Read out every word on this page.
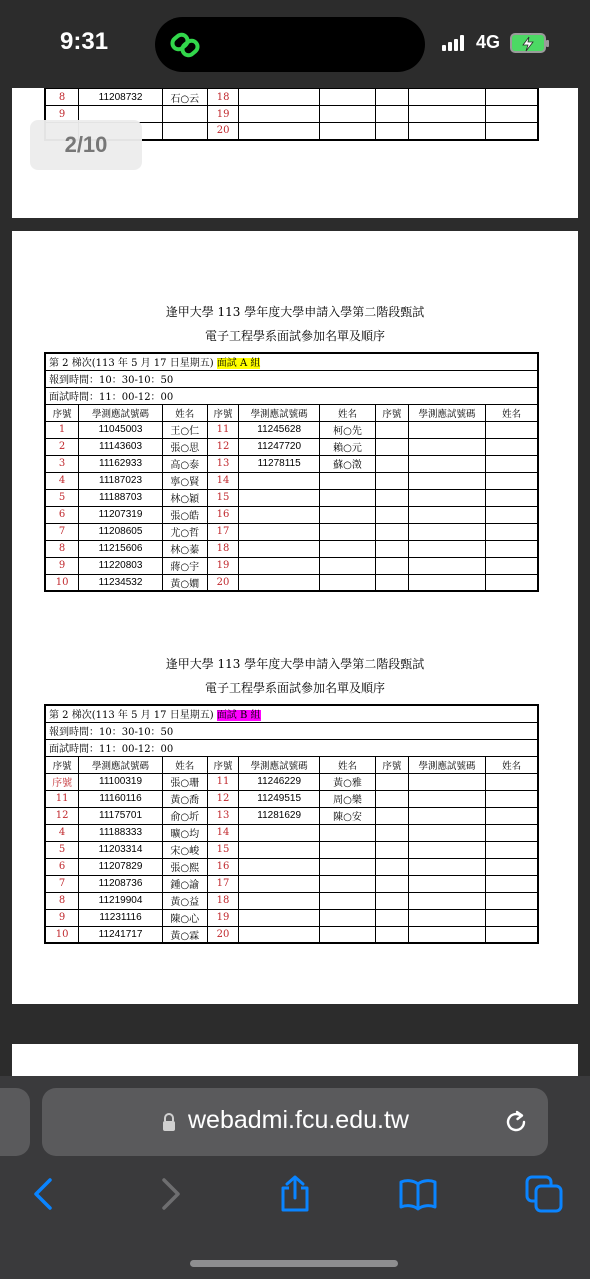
9:31	4G
8	11208732	石○云	18					
9			19					
			20					
2/10
逢甲大學 113 學年度大學申請入學第二階段甄試
電子工程學系面試參加名單及順序
第 2 梯次(113 年 5 月 17 日星期五) 面試 A 組								
報到時間：10：30-10：50								
面試時間：11：00-12：00								
序號	學測應試號碼	姓名	序號	學測應試號碼	姓名	序號	學測應試號碼	姓名
1	11045003	王○仁	11	11245628	柯○先			
2	11143603	張○思	12	11247720	賴○元			
3	11162933	高○泰	13	11278115	蘇○澂			
4	11187023	寧○賢	14					
5	11188703	林○穎	15					
6	11207319	張○皓	16					
7	11208605	尤○哲	17					
8	11215606	林○蓁	18					
9	11220803	蔣○宇	19					
10	11234532	黃○嫺	20					
逢甲大學 113 學年度大學申請入學第二階段甄試
電子工程學系面試參加名單及順序
第 2 梯次(113 年 5 月 17 日星期五) 面試 B 組								
報到時間：10：30-10：50								
面試時間：11：00-12：00								
序號	學測應試號碼	姓名	序號	學測應試號碼	姓名	序號	學測應試號碼	姓名
序號	11100319	張○珊	11	11246229	黃○雅			
11	11160116	黃○喬	12	11249515	周○樂			
12	11175701	俞○圻	13	11281629	陳○安			
4	11188333	曠○均	14					
5	11203314	宋○峻	15					
6	11207829	張○熙	16					
7	11208736	鍾○諭	17					
8	11219904	黃○益	18					
9	11231116	陳○心	19					
10	11241717	黃○霖	20					
webadmi.fcu.edu.tw
